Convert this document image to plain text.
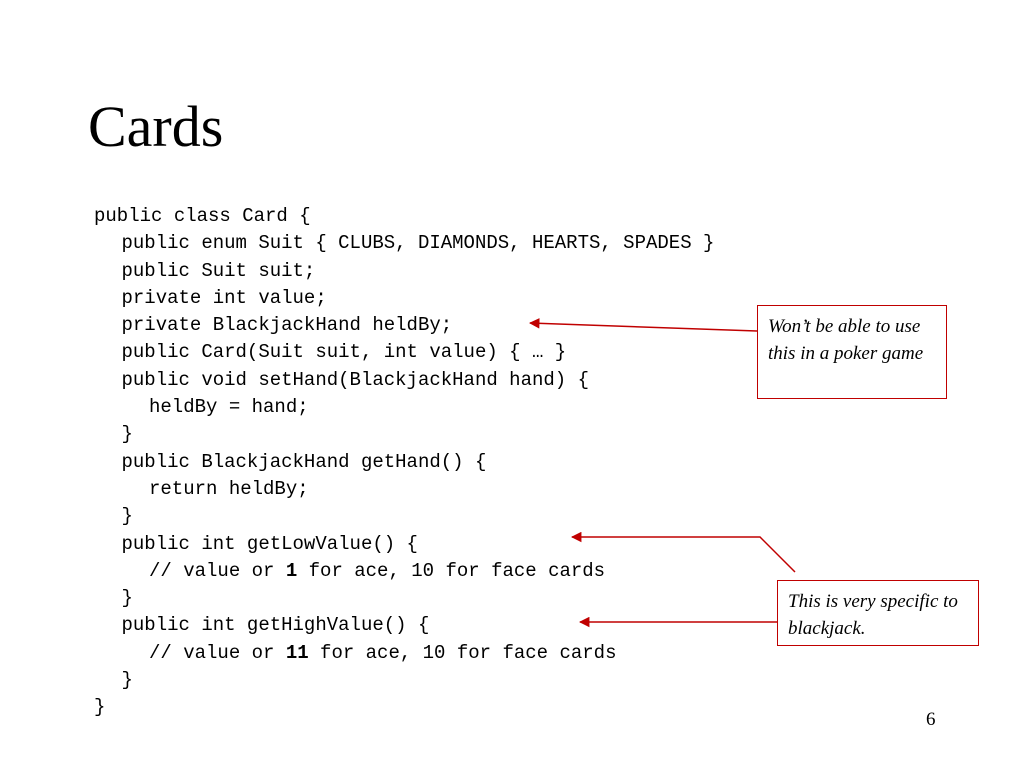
Cards
public class Card {
public enum Suit { CLUBS, DIAMONDS, HEARTS, SPADES }
public Suit suit;
private int value;
private BlackjackHand heldBy;
public Card(Suit suit, int value) { … }
public void setHand(BlackjackHand hand) {
heldBy = hand;
}
public BlackjackHand getHand() {
return heldBy;
}
public int getLowValue() {
// value or 1 for ace, 10 for face cards
}
public int getHighValue() {
// value or 11 for ace, 10 for face cards
}
}
Won’t be able to use this in a poker game
This is very specific to blackjack.
6
